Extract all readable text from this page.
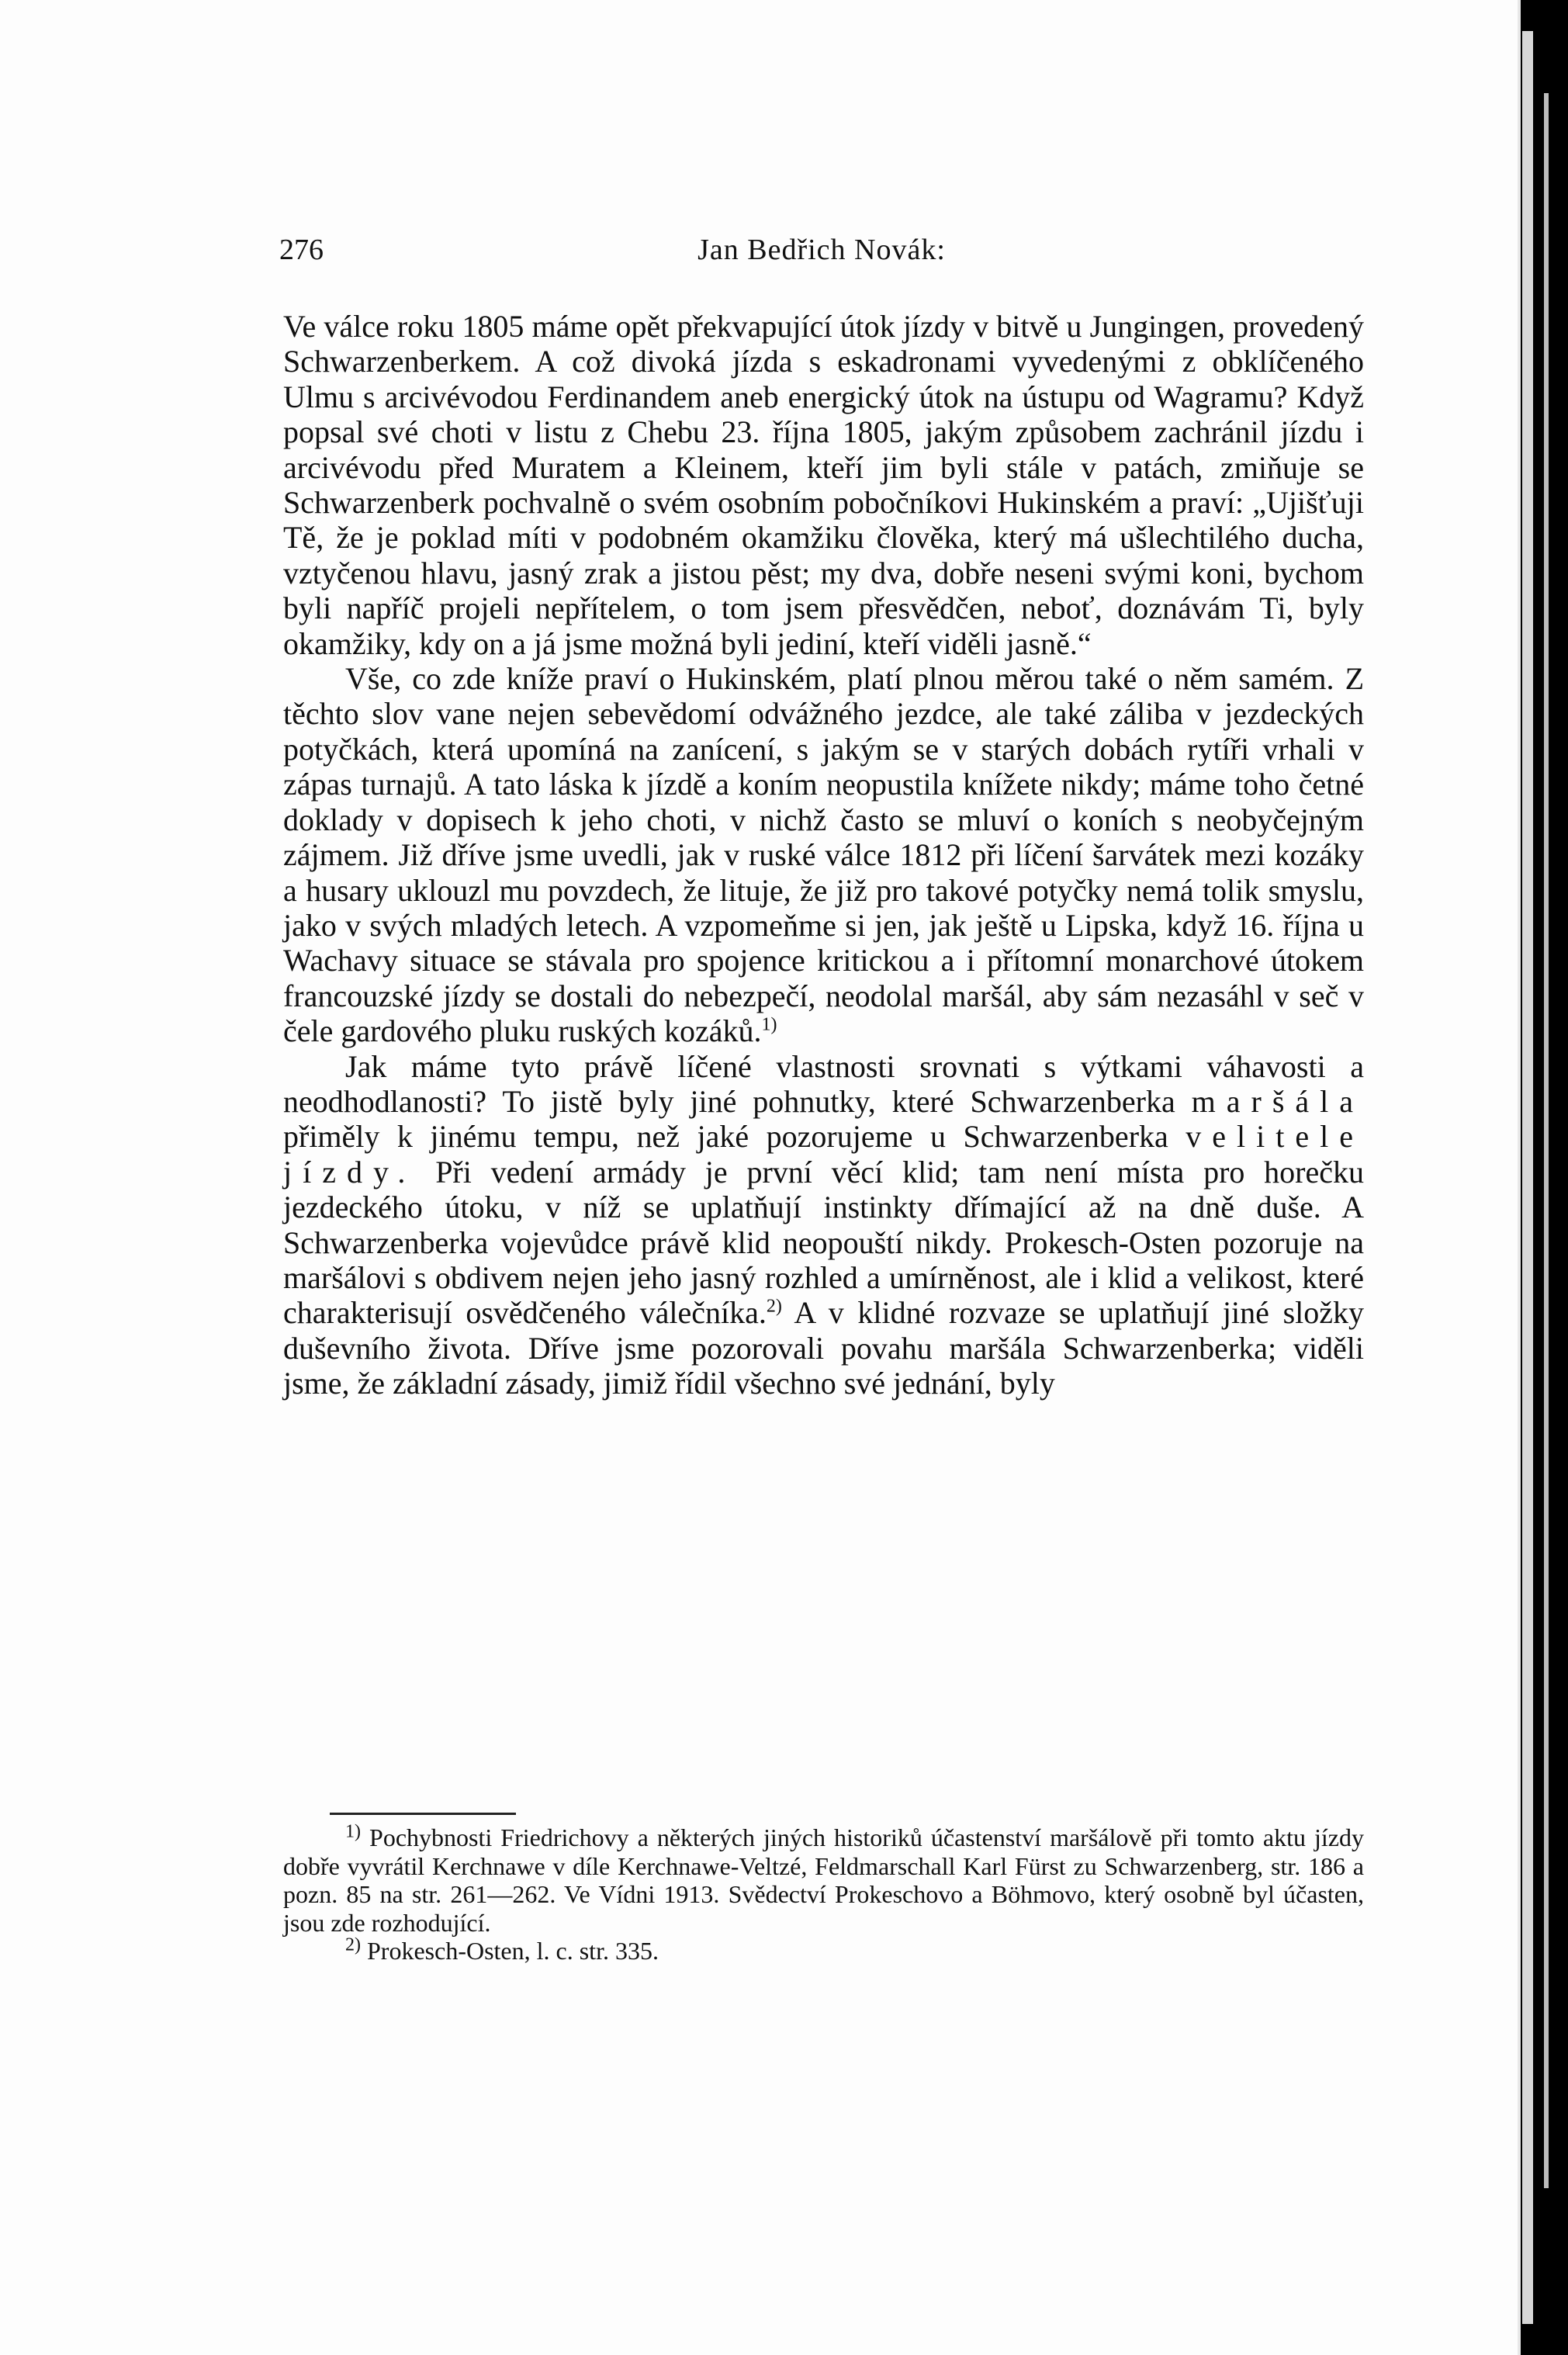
276	Jan Bedřich Novák:

Ve válce roku 1805 máme opět překvapující útok jízdy v bitvě u Jungingen, provedený Schwarzenberkem. A což divoká jízda s eskadronami vyvedenými z obklíčeného Ulmu s arcivévodou Ferdinandem aneb energický útok na ústupu od Wagramu? Když popsal své choti v listu z Chebu 23. října 1805, jakým způsobem zachránil jízdu i arcivévodu před Muratem a Kleinem, kteří jim byli stále v patách, zmiňuje se Schwarzenberk pochvalně o svém osobním pobočníkovi Hukinském a praví: „Ujišťuji Tě, že je poklad míti v podobném okamžiku člověka, který má ušlechtilého ducha, vztyčenou hlavu, jasný zrak a jistou pěst; my dva, dobře neseni svými koni, bychom byli napříč projeli nepřítelem, o tom jsem přesvědčen, neboť, doznávám Ti, byly okamžiky, kdy on a já jsme možná byli jediní, kteří viděli jasně.“

Vše, co zde kníže praví o Hukinském, platí plnou měrou také o něm samém. Z těchto slov vane nejen sebevědomí odvážného jezdce, ale také záliba v jezdeckých potyčkách, která upomíná na zanícení, s jakým se v starých dobách rytíři vrhali v zápas turnajů. A tato láska k jízdě a koním neopustila knížete nikdy; máme toho četné doklady v dopisech k jeho choti, v nichž často se mluví o koních s neobyčejným zájmem. Již dříve jsme uvedli, jak v ruské válce 1812 při líčení šarvátek mezi kozáky a husary uklouzl mu povzdech, že lituje, že již pro takové potyčky nemá tolik smyslu, jako v svých mladých letech. A vzpomeňme si jen, jak ještě u Lipska, když 16. října u Wachavy situace se stávala pro spojence kritickou a i přítomní monarchové útokem francouzské jízdy se dostali do nebezpečí, neodolal maršál, aby sám nezasáhl v seč v čele gardového pluku ruských kozáků.$^{1)}$

Jak máme tyto právě líčené vlastnosti srovnati s výtkami váhavosti a neodhodlanosti? To jistě byly jiné pohnutky, které Schwarzenberka maršála přiměly k jinému tempu, než jaké pozorujeme u Schwarzenberka velitele jízdy. Při vedení armády je první věcí klid; tam není místa pro horečku jezdeckého útoku, v níž se uplatňují instinkty dřímající až na dně duše. A Schwarzenberka vojevůdce právě klid neopouští nikdy. Prokesch-Osten pozoruje na maršálovi s obdivem nejen jeho jasný rozhled a umírněnost, ale i klid a velikost, které charakterisují osvědčeného válečníka.$^{2)}$ A v klidné rozvaze se uplatňují jiné složky duševního života. Dříve jsme pozorovali povahu maršála Schwarzenberka; viděli jsme, že základní zásady, jimiž řídil všechno své jednání, byly

$^{1)}$ Pochybnosti Friedrichovy a některých jiných historiků účastenství maršálově při tomto aktu jízdy dobře vyvrátil Kerchnawe v díle Kerchnawe-Veltzé, Feldmarschall Karl Fürst zu Schwarzenberg, str. 186 a pozn. 85 na str. 261—262. Ve Vídni 1913. Svědectví Prokeschovo a Böhmovo, který osobně byl účasten, jsou zde rozhodující.

$^{2)}$ Prokesch-Osten, l. c. str. 335.
